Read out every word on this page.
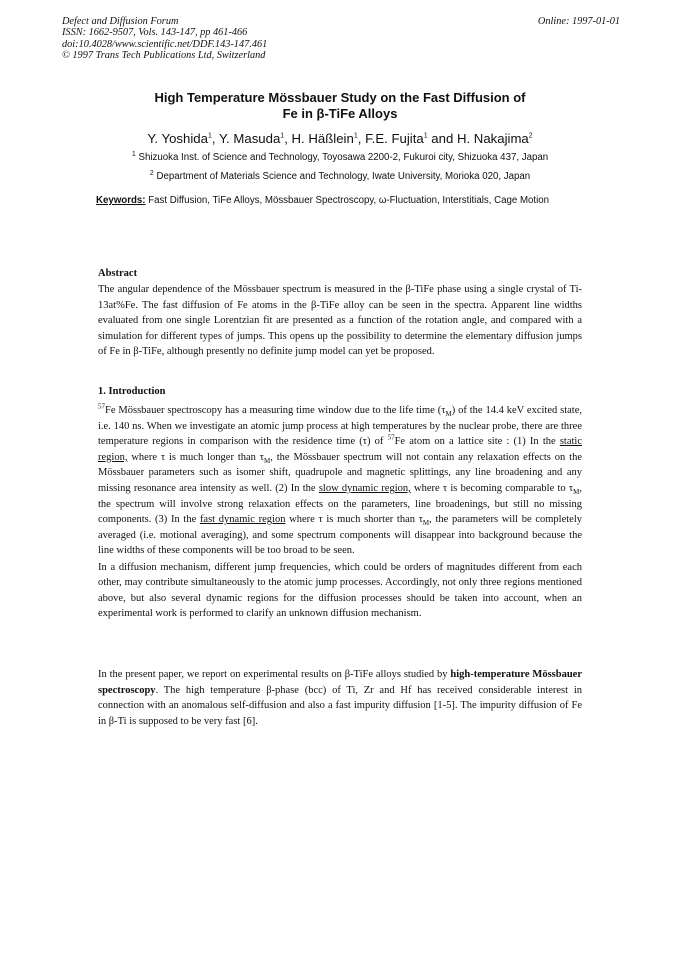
Defect and Diffusion Forum
ISSN: 1662-9507, Vols. 143-147, pp 461-466
doi:10.4028/www.scientific.net/DDF.143-147.461
© 1997 Trans Tech Publications Ltd, Switzerland
Online: 1997-01-01
High Temperature Mössbauer Study on the Fast Diffusion of
Fe in β-TiFe Alloys
Y. Yoshida$^1$, Y. Masuda$^1$, H. Häßlein$^1$, F.E. Fujita$^1$ and H. Nakajima$^2$
$^1$ Shizuoka Inst. of Science and Technology, Toyosawa 2200-2, Fukuroi city, Shizuoka 437, Japan
$^2$ Department of Materials Science and Technology, Iwate University, Morioka 020, Japan
Keywords: Fast Diffusion, TiFe Alloys, Mössbauer Spectroscopy, ω-Fluctuation, Interstitials, Cage Motion
Abstract
The angular dependence of the Mössbauer spectrum is measured in the β-TiFe phase using a single crystal of Ti-13at%Fe. The fast diffusion of Fe atoms in the β-TiFe alloy can be seen in the spectra. Apparent line widths evaluated from one single Lorentzian fit are presented as a function of the rotation angle, and compared with a simulation for different types of jumps. This opens up the possibility to determine the elementary diffusion jumps of Fe in β-TiFe, although presently no definite jump model can yet be proposed.
1. Introduction
$^{57}$Fe Mössbauer spectroscopy has a measuring time window due to the life time $(\tau_M)$ of the 14.4 keV excited state, i.e. 140 ns. When we investigate an atomic jump process at high temperatures by the nuclear probe, there are three temperature regions in comparison with the residence time (τ) of $^{57}$Fe atom on a lattice site : (1) In the static region, where τ is much longer than $\tau_M$, the Mössbauer spectrum will not contain any relaxation effects on the Mössbauer parameters such as isomer shift, quadrupole and magnetic splittings, any line broadening and any missing resonance area intensity as well. (2) In the slow dynamic region, where τ is becoming comparable to $\tau_M$, the spectrum will involve strong relaxation effects on the parameters, line broadenings, but still no missing components. (3) In the fast dynamic region where τ is much shorter than $\tau_M$, the parameters will be completely averaged (i.e. motional averaging), and some spectrum components will disappear into background because the line widths of these components will be too broad to be seen.
In a diffusion mechanism, different jump frequencies, which could be orders of magnitudes different from each other, may contribute simultaneously to the atomic jump processes. Accordingly, not only three regions mentioned above, but also several dynamic regions for the diffusion processes should be taken into account, when an experimental work is performed to clarify an unknown diffusion mechanism.
In the present paper, we report on experimental results on β-TiFe alloys studied by high-temperature Mössbauer spectroscopy. The high temperature β-phase (bcc) of Ti, Zr and Hf has received considerable interest in connection with an anomalous self-diffusion and also a fast impurity diffusion [1-5]. The impurity diffusion of Fe in β-Ti is supposed to be very fast [6].
